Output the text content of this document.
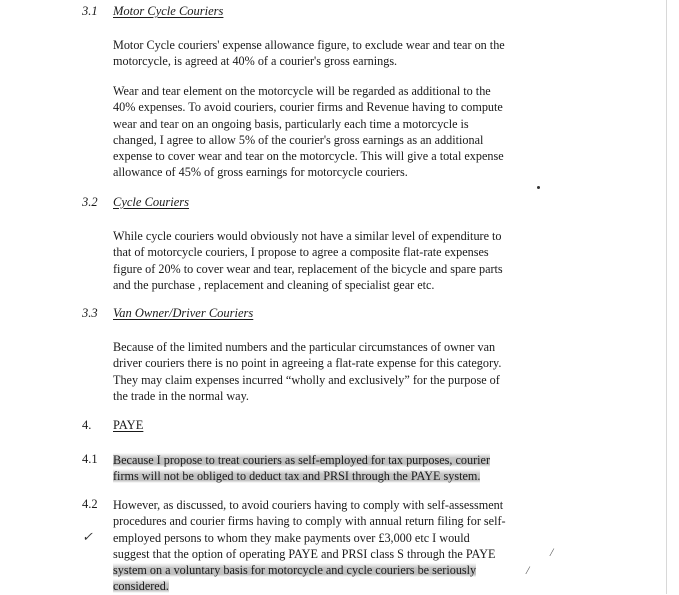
3.1 Motor Cycle Couriers

Motor Cycle couriers' expense allowance figure, to exclude wear and tear on the
motorcycle, is agreed at 40% of a courier's gross earnings.

Wear and tear element on the motorcycle will be regarded as additional to the
40% expenses. To avoid couriers, courier firms and Revenue having to compute
wear and tear on an ongoing basis, particularly each time a motorcycle is
changed, I agree to allow 5% of the courier's gross earnings as an additional
expense to cover wear and tear on the motorcycle. This will give a total expense
allowance of 45% of gross earnings for motorcycle couriers.

3.2 Cycle Couriers

While cycle couriers would obviously not have a similar level of expenditure to
that of motorcycle couriers, I propose to agree a composite flat-rate expenses
figure of 20% to cover wear and tear, replacement of the bicycle and spare parts
and the purchase , replacement and cleaning of specialist gear etc.

3.3 Van Owner/Driver Couriers

Because of the limited numbers and the particular circumstances of owner van
driver couriers there is no point in agreeing a flat-rate expense for this category.
They may claim expenses incurred “wholly and exclusively” for the purpose of
the trade in the normal way.

4. PAYE
4.1 Because I propose to treat couriers as self-employed for tax purposes, courier
firms will not be obliged to deduct tax and PRSI through the PAYE system.

4.2 However, as discussed, to avoid couriers having to comply with self-assessment
procedures and courier firms having to comply with annual return filing for self-
employed persons to whom they make payments over £3,000 etc I would
suggest that the option of operating PAYE and PRSI class S through the PAYE
system on a voluntary basis for motorcycle and cycle couriers be seriously
considered.

✓
/
/
